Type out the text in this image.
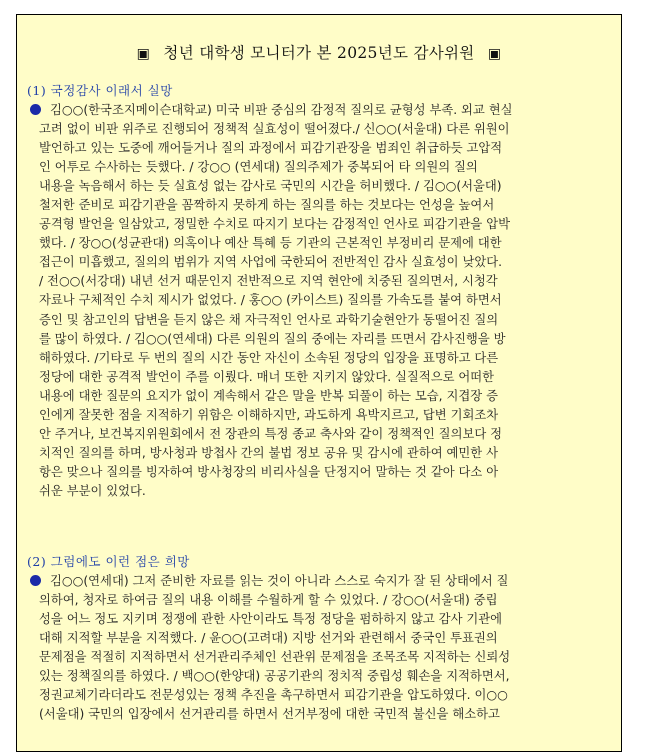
▣ 청년 대학생 모니터가 본 2025년도 감사위원 ▣
(1) 국정감사 이래서 실망
김○○(한국조지메이슨대학교) 미국 비판 중심의 감정적 질의로 균형성 부족. 외교 현실
고려 없이 비판 위주로 진행되어 정책적 실효성이 떨어졌다./ 신○○(서울대) 다른 위원이
발언하고 있는 도중에 깨어들거나 질의 과정에서 피감기관장을 범죄인 취급하듯 고압적
인 어투로 수사하는 듯했다. / 강○○ (연세대) 질의주제가 중복되어 타 의원의 질의
내용을 녹음해서 하는 듯 실효성 없는 감사로 국민의 시간을 허비했다. / 김○○(서울대)
철저한 준비로 피감기관을 꼼짝하지 못하게 하는 질의를 하는 것보다는 언성을 높여서
공격형 발언을 일삼았고, 정밀한 수치로 따지기 보다는 감정적인 언사로 피감기관을 압박
했다. / 장○○(성균관대) 의혹이나 예산 특혜 등 기관의 근본적인 부정비리 문제에 대한
접근이 미흡했고, 질의의 범위가 지역 사업에 국한되어 전반적인 감사 실효성이 낮았다.
/ 전○○(서강대) 내년 선거 때문인지 전반적으로 지역 현안에 치중된 질의면서, 시청각
자료나 구체적인 수치 제시가 없었다. / 홍○○ (카이스트) 질의를 가속도를 붙여 하면서
증인 및 참고인의 답변을 듣지 않은 채 자극적인 언사로 과학기술현안가 동떨어진 질의
를 많이 하였다. / 김○○(연세대) 다른 의원의 질의 중에는 자리를 뜨면서 감사진행을 방
해하였다. /기타로 두 번의 질의 시간 동안 자신이 소속된 정당의 입장을 표명하고 다른
정당에 대한 공격적 발언이 주를 이뤘다. 매너 또한 지키지 않았다. 실질적으로 어떠한
내용에 대한 질문의 요지가 없이 계속해서 같은 말을 반복 되풀이 하는 모습, 지겹장 증
인에게 잘못한 점을 지적하기 위함은 이해하지만, 과도하게 욕박지르고, 답변 기회조차
안 주거나, 보건복지위원회에서 전 장관의 특정 종교 축사와 같이 정책적인 질의보다 정
치적인 질의를 하며, 방사청과 방첩사 간의 불법 정보 공유 및 감시에 관하여 예민한 사
항은 맞으나 질의를 빙자하여 방사청장의 비리사실을 단정지어 말하는 것 같아 다소 아
쉬운 부분이 있었다.
(2) 그럼에도 이런 점은 희망
김○○(연세대) 그저 준비한 자료를 읽는 것이 아니라 스스로 숙지가 잘 된 상태에서 질
의하여, 청자로 하여금 질의 내용 이해를 수월하게 할 수 있었다. / 강○○(서울대) 중립
성을 어느 정도 지키며 정쟁에 관한 사안이라도 특정 정당을 펌하하지 않고 감사 기관에
대해 지적할 부분을 지적했다. / 윤○○(고려대) 지방 선거와 관련해서 중국인 투표권의
문제점을 적절히 지적하면서 선거관리주체인 선관위 문제점을 조목조목 지적하는 신뢰성
있는 정책질의를 하였다. / 백○○(한양대) 공공기관의 정치적 중립성 훼손을 지적하면서,
정권교체기라더라도 전문성있는 정책 추진을 촉구하면서 피감기관을 압도하였다. 이○○
(서울대) 국민의 입장에서 선거관리를 하면서 선거부정에 대한 국민적 불신을 해소하고
